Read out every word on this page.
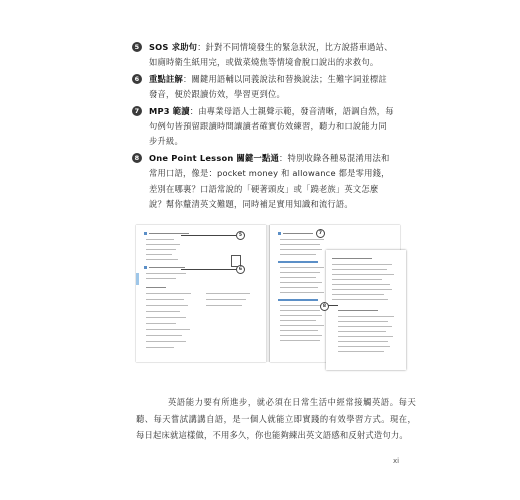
5	SOS 求助句：針對不同情境發生的緊急狀況，比方說搭車過站、如廁時衛生紙用完，或做菜燒焦等情境會脫口說出的求救句。
6	重點註解：關鍵用語輔以同義說法和替換說法；生難字詞並標註發音，便於跟讀仿效，學習更到位。
7	MP3 範讀：由專業母語人士親聲示範，發音清晰，語調自然，每句例句皆預留跟讀時間讓讀者確實仿效練習，聽力和口說能力同步升級。
8	One Point Lesson 關鍵一點通：特別收錄各種易混淆用法和常用口語，像是：pocket money 和 allowance 都是零用錢，差別在哪裏？口語常說的「硬著頭皮」或「蹺老族」英文怎麼說？幫你釐清英文難題，同時補足實用知識和流行語。
5
6
7
8

英語能力要有所進步，就必須在日常生活中經常接觸英語。每天聽、每天嘗試講講自語，是一個人就能立即實踐的有效學習方式。現在，每日起床就這樣做，不用多久，你也能夠練出英文語感和反射式造句力。

xi
